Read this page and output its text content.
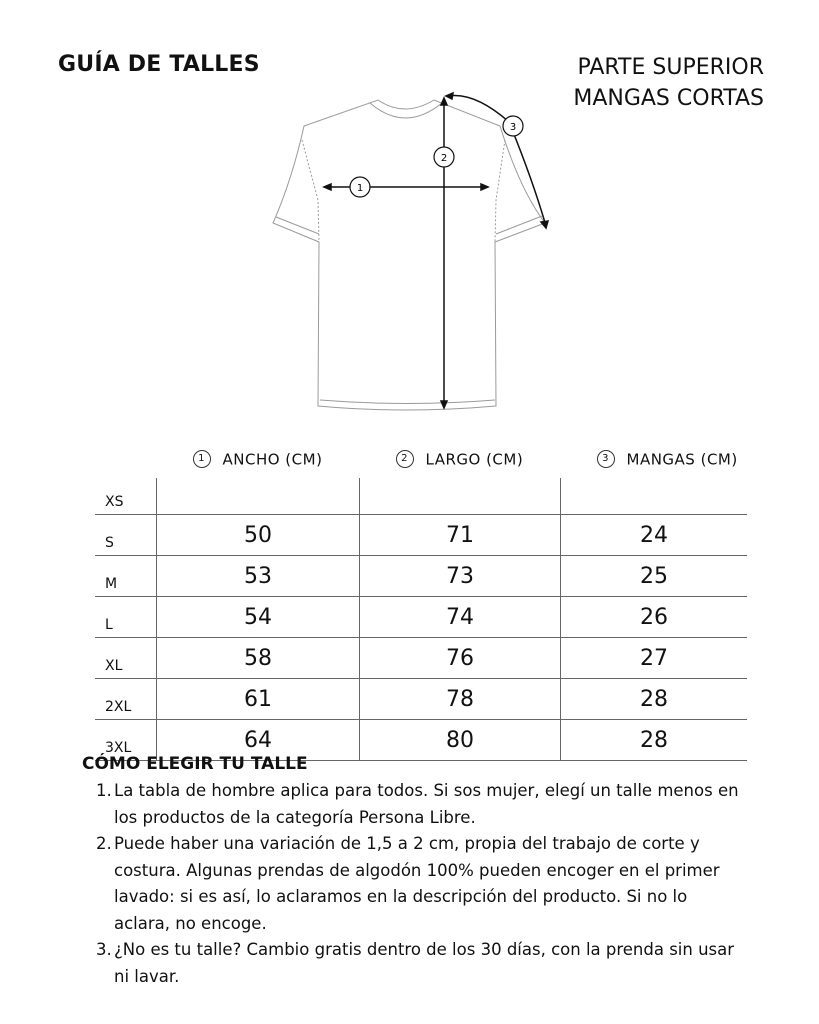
GUÍA DE TALLES	PARTE SUPERIOR
MANGAS CORTAS
1
2
3
	1 ANCHO (CM)	2 LARGO (CM)	3 MANGAS (CM)
XS			
S	50	71	24
M	53	73	25
L	54	74	26
XL	58	76	27
2XL	61	78	28
3XL	64	80	28
CÓMO ELEGIR TU TALLE
1. La tabla de hombre aplica para todos. Si sos mujer, elegí un talle menos en los productos de la categoría Persona Libre.
2. Puede haber una variación de 1,5 a 2 cm, propia del trabajo de corte y costura. Algunas prendas de algodón 100% pueden encoger en el primer lavado: si es así, lo aclaramos en la descripción del producto. Si no lo aclara, no encoge.
3. ¿No es tu talle? Cambio gratis dentro de los 30 días, con la prenda sin usar ni lavar.
